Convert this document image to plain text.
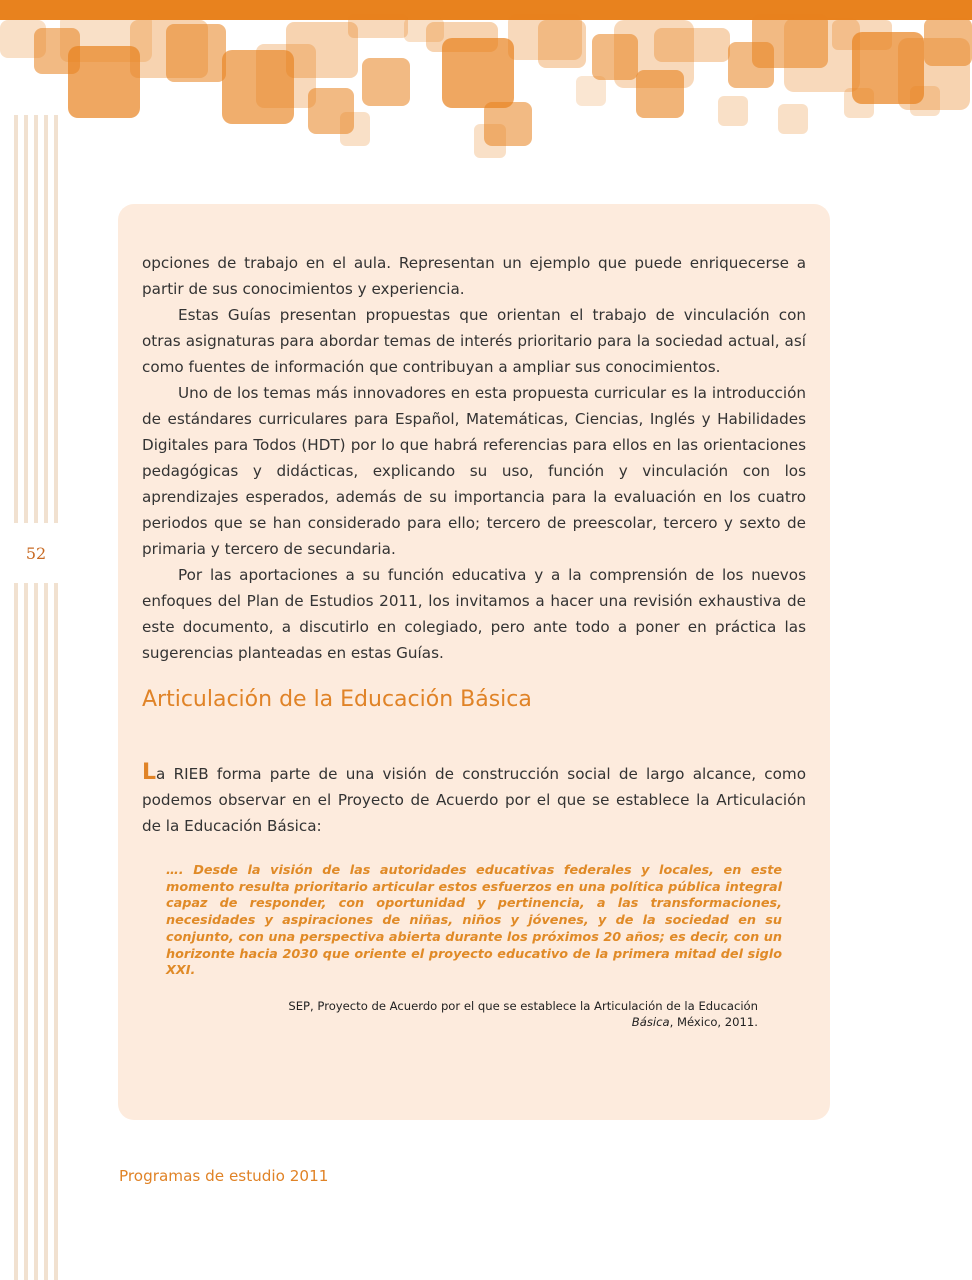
52

opciones de trabajo en el aula. Representan un ejemplo que puede enriquecerse a partir de sus conocimientos y experiencia.

Estas Guías presentan propuestas que orientan el trabajo de vinculación con otras asignaturas para abordar temas de interés prioritario para la sociedad actual, así como fuentes de información que contribuyan a ampliar sus conocimientos.

Uno de los temas más innovadores en esta propuesta curricular es la introducción de estándares curriculares para Español, Matemáticas, Ciencias, Inglés y Habilidades Digitales para Todos (HDT) por lo que habrá referencias para ellos en las orientaciones pedagógicas y didácticas, explicando su uso, función y vinculación con los aprendizajes esperados, además de su importancia para la evaluación en los cuatro periodos que se han considerado para ello; tercero de preescolar, tercero y sexto de primaria y tercero de secundaria.

Por las aportaciones a su función educativa y a la comprensión de los nuevos enfoques del Plan de Estudios 2011, los invitamos a hacer una revisión exhaustiva de este documento, a discutirlo en colegiado, pero ante todo a poner en práctica las sugerencias planteadas en estas Guías.

Articulación de la Educación Básica

La RIEB forma parte de una visión de construcción social de largo alcance, como podemos observar en el Proyecto de Acuerdo por el que se establece la Articulación de la Educación Básica:

…. Desde la visión de las autoridades educativas federales y locales, en este momento resulta prioritario articular estos esfuerzos en una política pública integral capaz de responder, con oportunidad y pertinencia, a las transformaciones, necesidades y aspiraciones de niñas, niños y jóvenes, y de la sociedad en su conjunto, con una perspectiva abierta durante los próximos 20 años; es decir, con un horizonte hacia 2030 que oriente el proyecto educativo de la primera mitad del siglo XXI.

SEP, Proyecto de Acuerdo por el que se establece la Articulación de la Educación
Básica, México, 2011.

Programas de estudio 2011
